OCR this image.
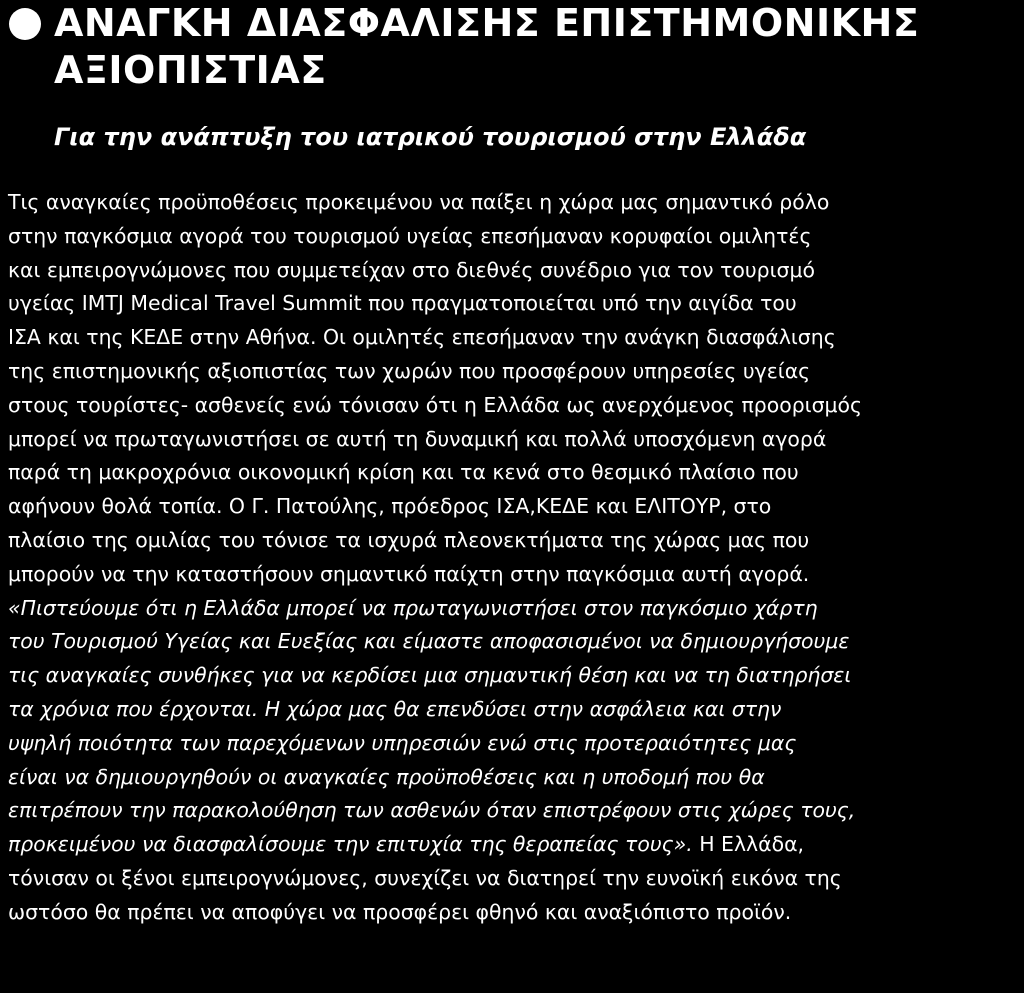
ΑΝΑΓΚΗ ΔΙΑΣΦΑΛΙΣΗΣ ΕΠΙΣΤΗΜΟΝΙΚΗΣ
ΑΞΙΟΠΙΣΤΙΑΣ
Για την ανάπτυξη του ιατρικού τουρισμού στην Ελλάδα
Τις αναγκαίες προϋποθέσεις προκειμένου να παίξει η χώρα μας σημαντικό ρόλο
στην παγκόσμια αγορά του τουρισμού υγείας επεσήμαναν κορυφαίοι ομιλητές
και εμπειρογνώμονες που συμμετείχαν στο διεθνές συνέδριο για τον τουρισμό
υγείας IMTJ Medical Travel Summit που πραγματοποιείται υπό την αιγίδα του
ΙΣΑ και της ΚΕΔΕ στην Αθήνα. Οι ομιλητές επεσήμαναν την ανάγκη διασφάλισης
της επιστημονικής αξιοπιστίας των χωρών που προσφέρουν υπηρεσίες υγείας
στους τουρίστες- ασθενείς ενώ τόνισαν ότι η Ελλάδα ως ανερχόμενος προορισμός
μπορεί να πρωταγωνιστήσει σε αυτή τη δυναμική και πολλά υποσχόμενη αγορά
παρά τη μακροχρόνια οικονομική κρίση και τα κενά στο θεσμικό πλαίσιο που
αφήνουν θολά τοπία. Ο Γ. Πατούλης, πρόεδρος ΙΣΑ,ΚΕΔΕ και ΕΛΙΤΟΥΡ, στο
πλαίσιο της ομιλίας του τόνισε τα ισχυρά πλεονεκτήματα της χώρας μας που
μπορούν να την καταστήσουν σημαντικό παίχτη στην παγκόσμια αυτή αγορά.
«Πιστεύουμε ότι η Ελλάδα μπορεί να πρωταγωνιστήσει στον παγκόσμιο χάρτη
του Τουρισμού Υγείας και Ευεξίας και είμαστε αποφασισμένοι να δημιουργήσουμε
τις αναγκαίες συνθήκες για να κερδίσει μια σημαντική θέση και να τη διατηρήσει
τα χρόνια που έρχονται. Η χώρα μας θα επενδύσει στην ασφάλεια και στην
υψηλή ποιότητα των παρεχόμενων υπηρεσιών ενώ στις προτεραιότητες μας
είναι να δημιουργηθούν οι αναγκαίες προϋποθέσεις και η υποδομή που θα
επιτρέπουν την παρακολούθηση των ασθενών όταν επιστρέφουν στις χώρες τους,
προκειμένου να διασφαλίσουμε την επιτυχία της θεραπείας τους». Η Ελλάδα,
τόνισαν οι ξένοι εμπειρογνώμονες, συνεχίζει να διατηρεί την ευνοϊκή εικόνα της
ωστόσο θα πρέπει να αποφύγει να προσφέρει φθηνό και αναξιόπιστο προϊόν.
